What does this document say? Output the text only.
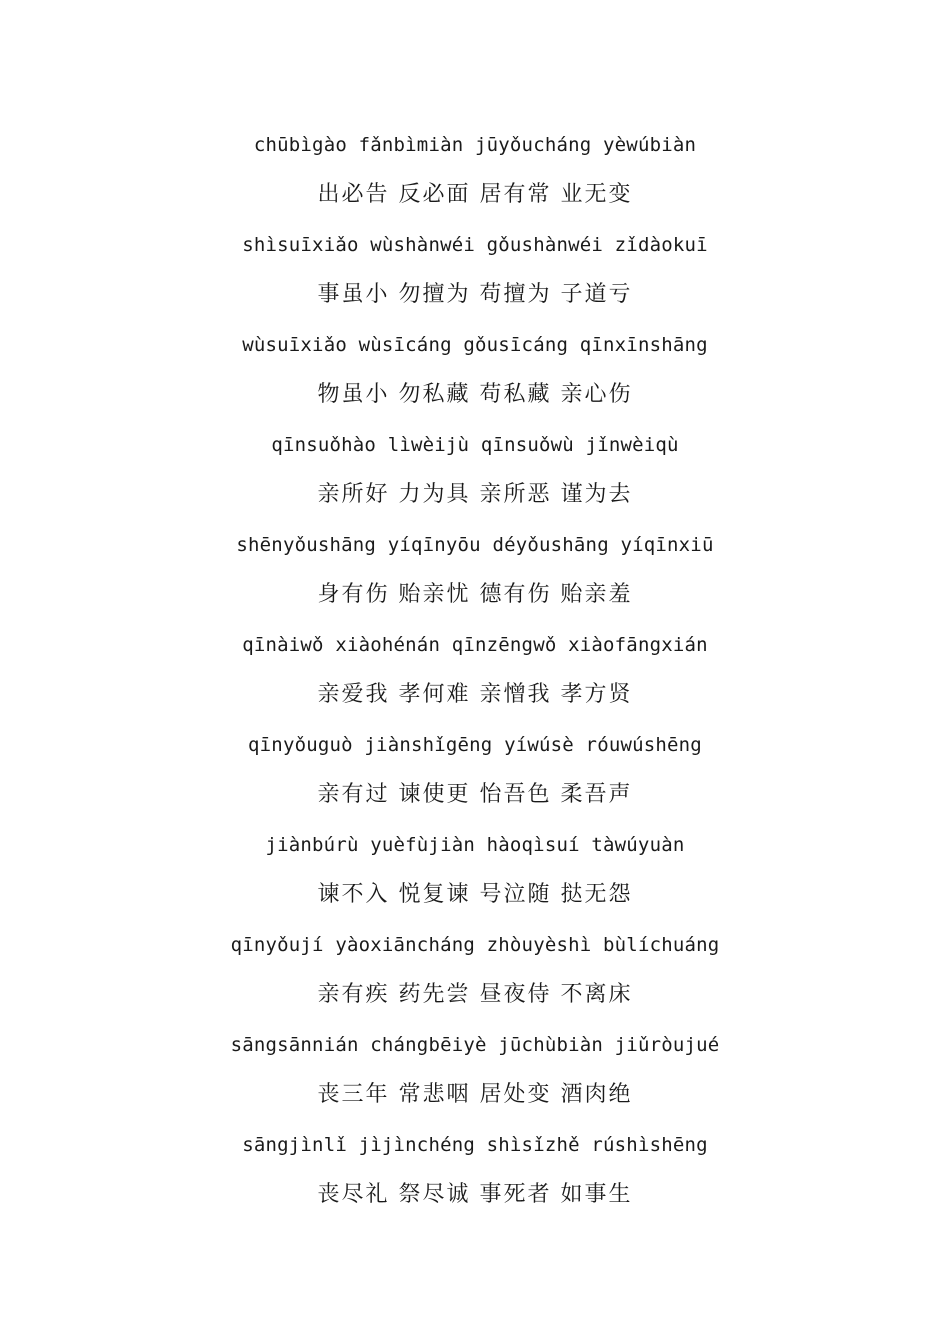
chūbìgào fǎnbìmiàn jūyǒucháng yèwúbiàn
出必告 反必面 居有常 业无变
shìsuīxiǎo wùshànwéi gǒushànwéi zǐdàokuī
事虽小 勿擅为 苟擅为 子道亏
wùsuīxiǎo wùsīcáng gǒusīcáng qīnxīnshāng
物虽小 勿私藏 苟私藏 亲心伤
qīnsuǒhào lìwèijù qīnsuǒwù jǐnwèiqù
亲所好 力为具 亲所恶 谨为去
shēnyǒushāng yíqīnyōu déyǒushāng yíqīnxiū
身有伤 贻亲忧 德有伤 贻亲羞
qīnàiwǒ xiàohénán qīnzēngwǒ xiàofāngxián
亲爱我 孝何难 亲憎我 孝方贤
qīnyǒuguò jiànshǐgēng yíwúsè róuwúshēng
亲有过 谏使更 怡吾色 柔吾声
jiànbúrù yuèfùjiàn hàoqìsuí tàwúyuàn
谏不入 悦复谏 号泣随 挞无怨
qīnyǒují yàoxiāncháng zhòuyèshì bùlíchuáng
亲有疾 药先尝 昼夜侍 不离床
sāngsānnián chángbēiyè jūchùbiàn jiǔròujué
丧三年 常悲咽 居处变 酒肉绝
sāngjìnlǐ jìjìnchéng shìsǐzhě rúshìshēng
丧尽礼 祭尽诚 事死者 如事生
